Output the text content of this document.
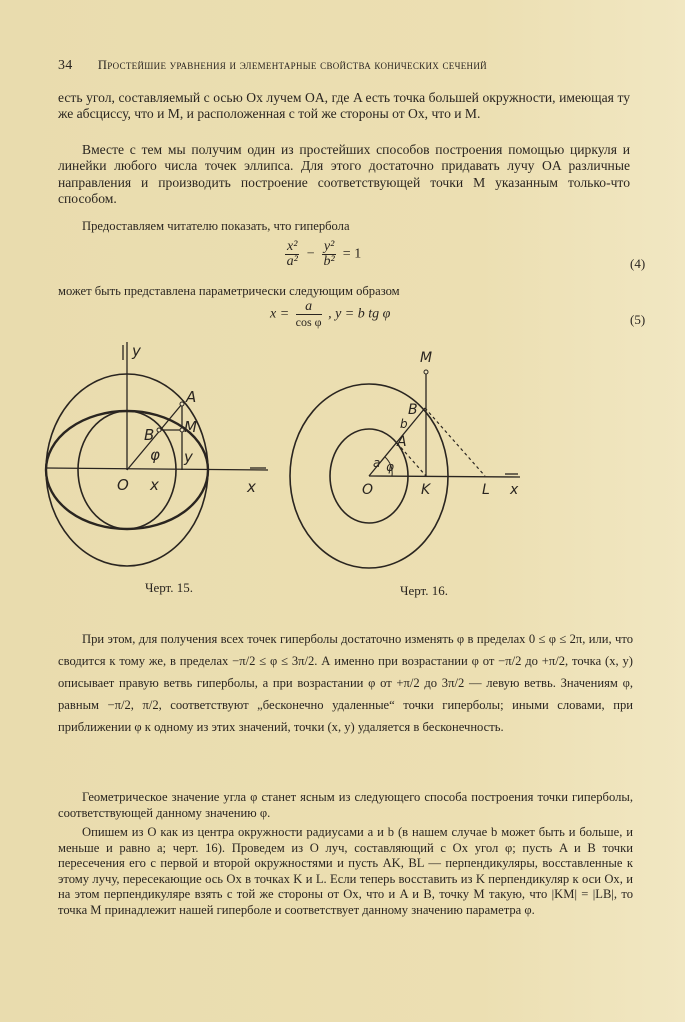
34 Простейшие уравнения и элементарные свойства конических сечений

есть угол, составляемый с осью Ox лучем OA, где A есть точка большей окружности, имеющая ту же абсциссу, что и M, и расположенная с той же стороны от Ox, что и M.

Вместе с тем мы получим один из простейших способов построения помощью циркуля и линейки любого числа точек эллипса. Для этого достаточно придавать лучу OA различные направления и производить построение соответствующей точки M указанным только-что способом.

Предоставляем читателю показать, что гипербола

$\frac{\text{x²}}{\text{a²}} - \frac{\text{y²}}{\text{b²}} = 1$
(4)

может быть представлена параметрически следующим образом

$x = \frac{a}{\text{cos φ}}$ , y = b tg φ	(5)
y
x
O x
y
A
B M
φ
M
B
b
A
a φ
O	K	L x
Черт. 15.	Черт. 16.

При этом, для получения всех точек гиперболы достаточно изменять φ в пределах 0 ≤ φ ≤ 2π, или, что сводится к тому же, в пределах −π/2 ≤ φ ≤ 3π/2. А именно при возрастании φ от −π/2 до +π/2, точка (x, y) описывает правую ветвь гиперболы, а при возрастании φ от +π/2 до 3π/2 — левую ветвь. Значениям φ, равным −π/2, π/2, соответствуют „бесконечно удаленные“ точки гиперболы; иными словами, при приближении φ к одному из этих значений, точки (x, y) удаляется в бесконечность.

Геометрическое значение угла φ станет ясным из следующего способа построения точки гиперболы, соответствующей данному значению φ.

Опишем из O как из центра окружности радиусами a и b (в нашем случае b может быть и больше, и меньше и равно a; черт. 16). Проведем из O луч, составляющий с Ox угол φ; пусть A и B точки пересечения его с первой и второй окружностями и пусть AK, BL — перпендикуляры, восставленные к этому лучу, пересекающие ось Ox в точках K и L. Если теперь восставить из K перпендикуляр к оси Ox, и на этом перпендикуляре взять с той же стороны от Ox, что и A и B, точку M такую, что |KM| = |LB|, то точка M принадлежит нашей гиперболе и соответствует данному значению параметра φ.
